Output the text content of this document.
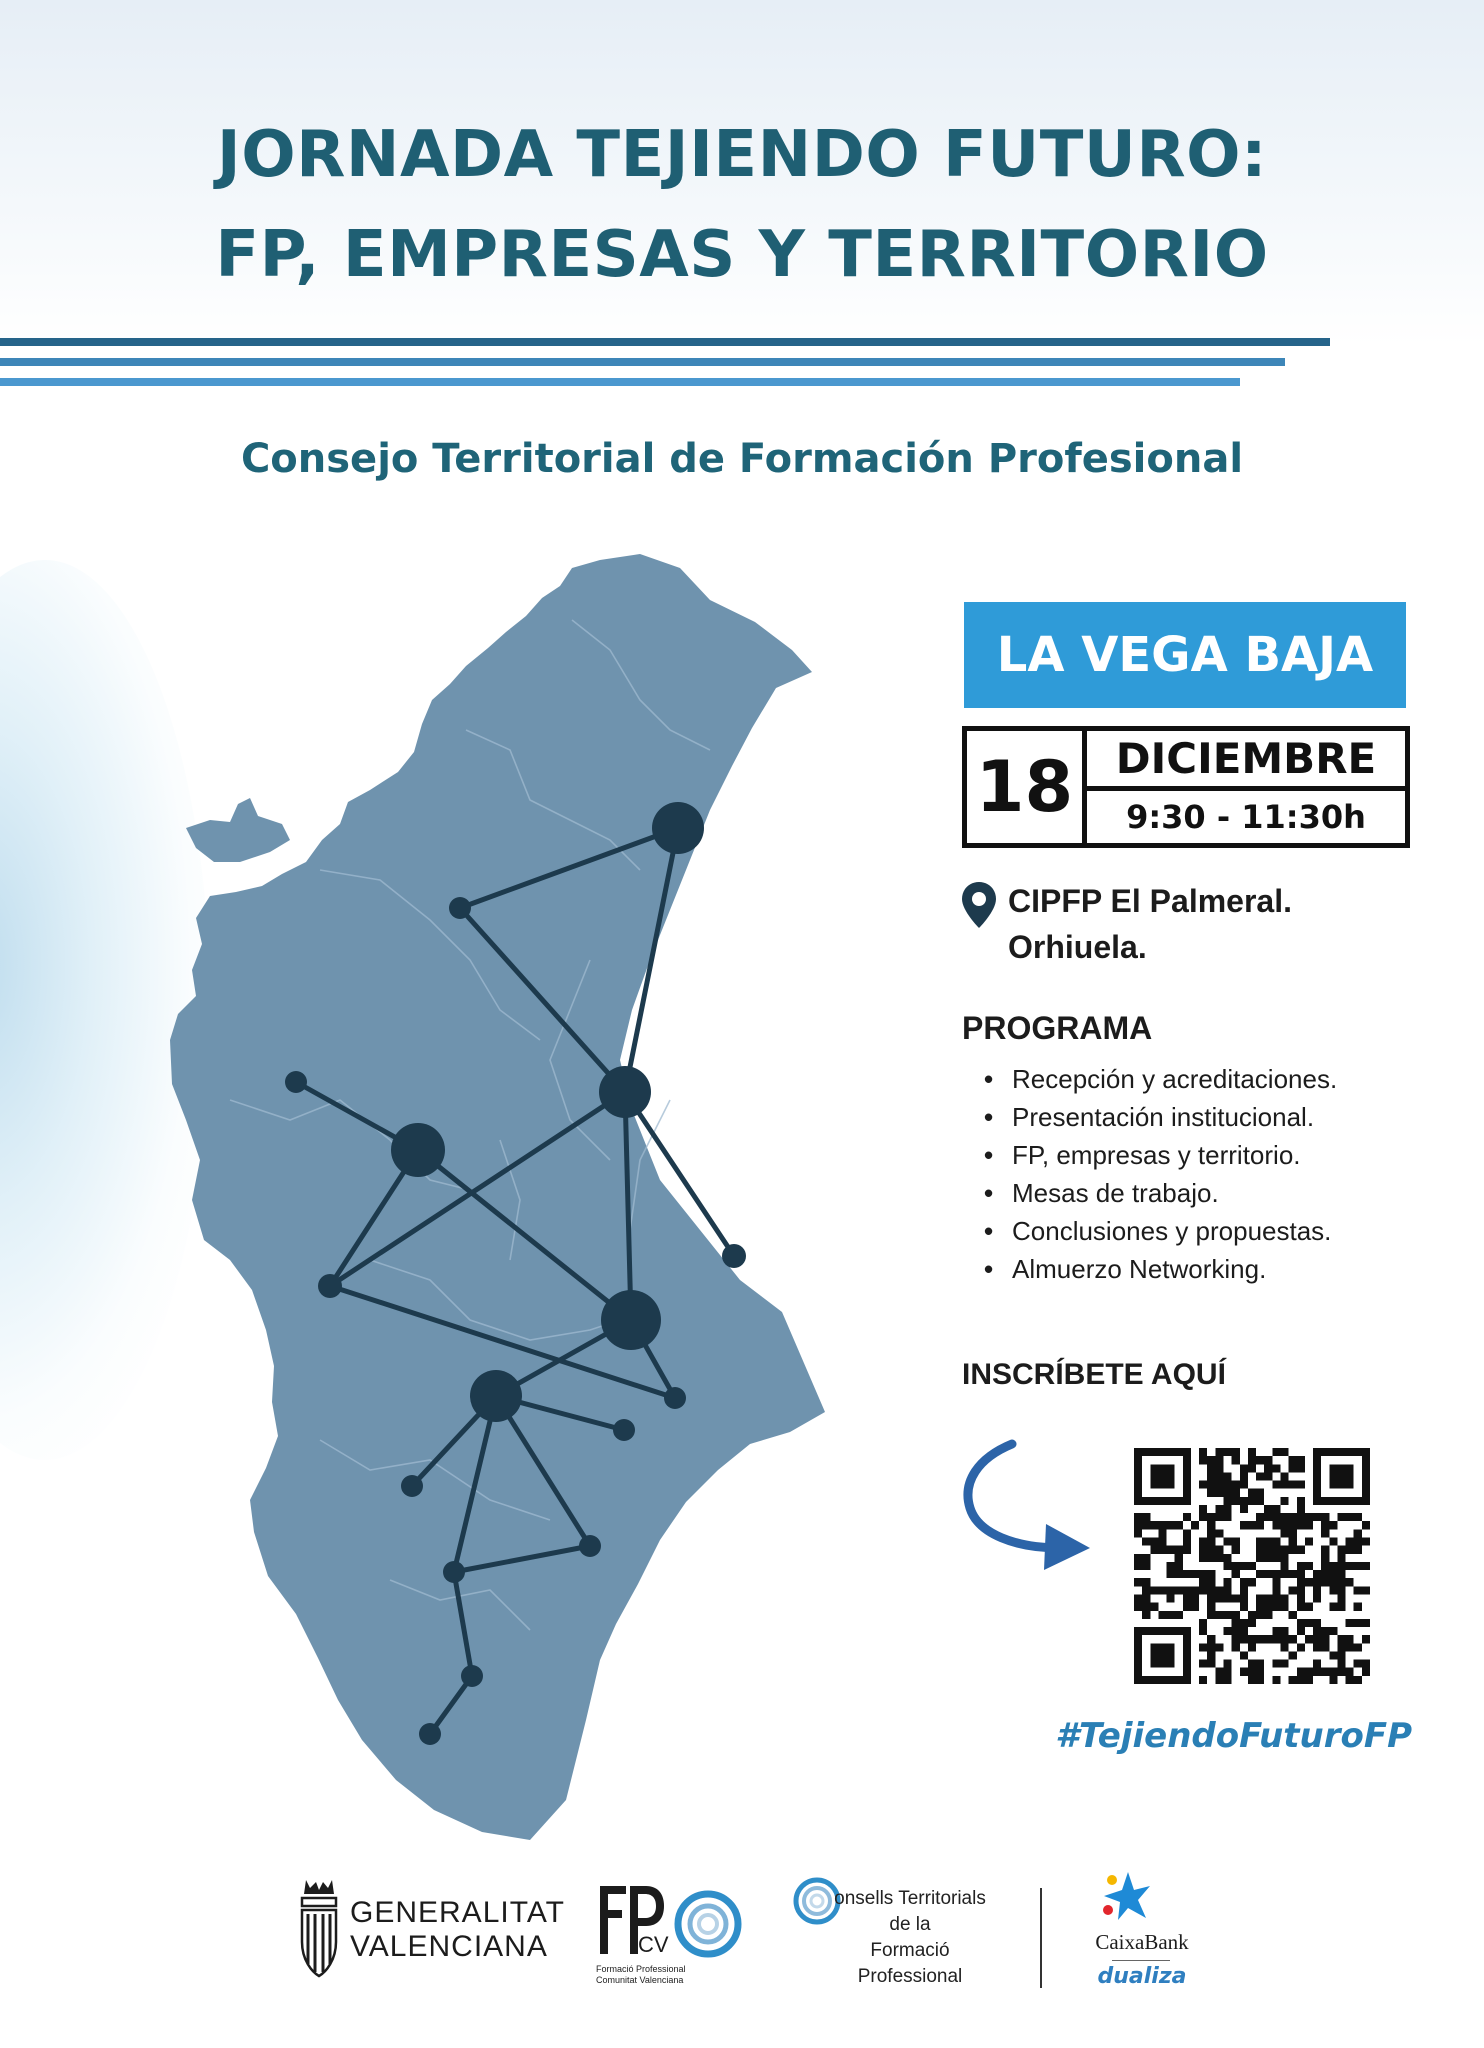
JORNADA TEJIENDO FUTURO:
FP, EMPRESAS Y TERRITORIO
Consejo Territorial de Formación Profesional
LA VEGA BAJA
18	DICIEMBRE
9:30 - 11:30h
CIPFP El Palmeral.
Orhiuela.
PROGRAMA
• Recepción y acreditaciones.
• Presentación institucional.
• FP, empresas y territorio.
• Mesas de trabajo.
• Conclusiones y propuestas.
• Almuerzo Networking.
INSCRÍBETE AQUÍ
#TejiendoFuturoFP
GENERALITAT
VALENCIANA	CV
Formació Professional
Comunitat Valenciana
onsells Territorials
de la
Formació
Professional
CaixaBank
dualiza
